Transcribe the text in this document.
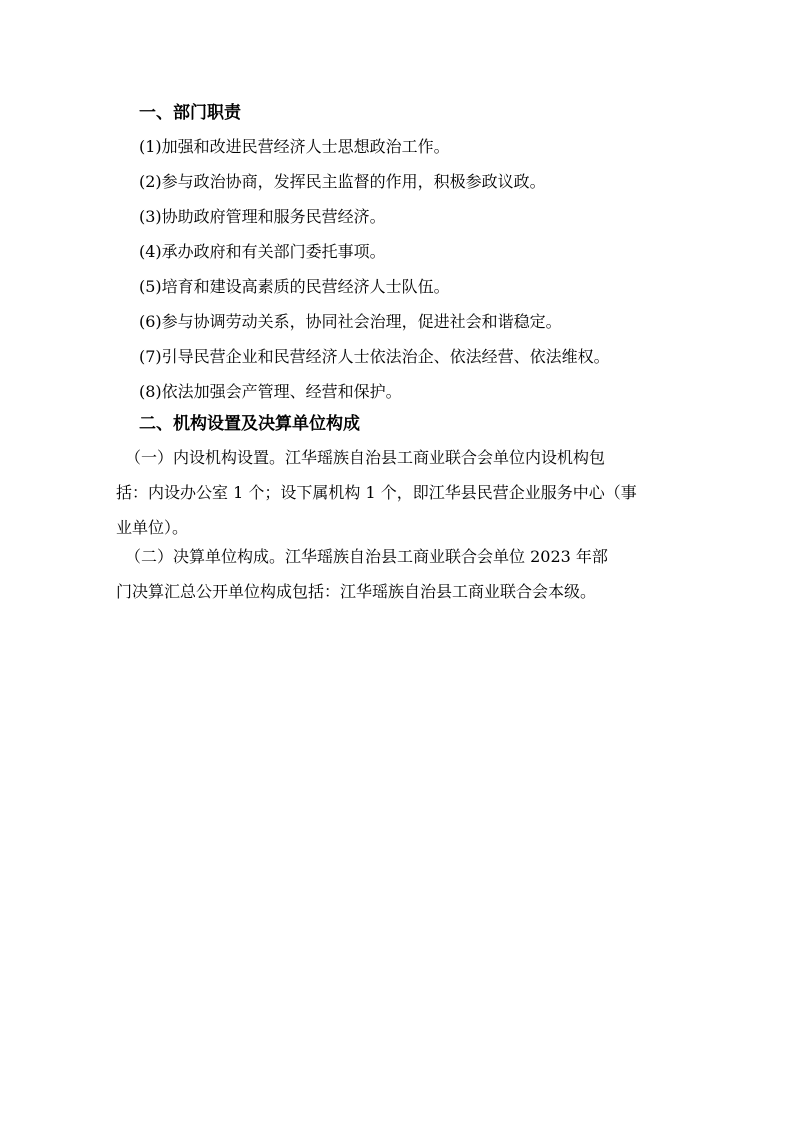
一、部门职责
(1)加强和改进民营经济人士思想政治工作。
(2)参与政治协商，发挥民主监督的作用，积极参政议政。
(3)协助政府管理和服务民营经济。
(4)承办政府和有关部门委托事项。
(5)培育和建设高素质的民营经济人士队伍。
(6)参与协调劳动关系，协同社会治理，促进社会和谐稳定。
(7)引导民营企业和民营经济人士依法治企、依法经营、依法维权。
(8)依法加强会产管理、经营和保护。
二、机构设置及决算单位构成
（一）内设机构设置。江华瑶族自治县工商业联合会单位内设机构包
括：内设办公室 1 个；设下属机构 1 个，即江华县民营企业服务中心（事
业单位）。
（二）决算单位构成。江华瑶族自治县工商业联合会单位 2023 年部
门决算汇总公开单位构成包括：江华瑶族自治县工商业联合会本级。
